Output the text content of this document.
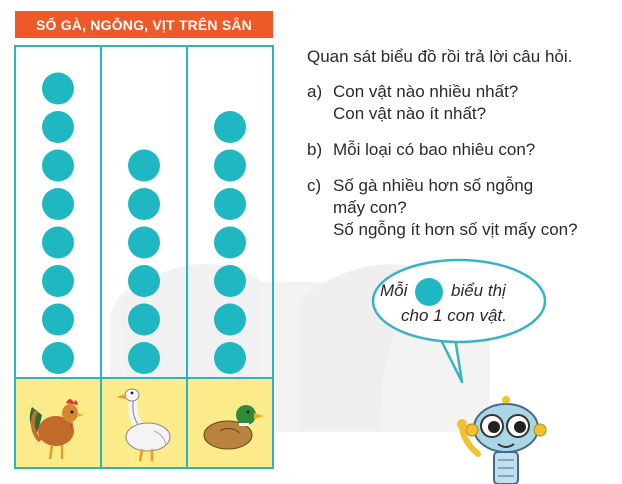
SỐ GÀ, NGỖNG, VỊT TRÊN SÂN
Quan sát biểu đồ rồi trả lời câu hỏi.
a) Con vật nào nhiều nhất?
Con vật nào ít nhất?
b) Mỗi loại có bao nhiêu con?
c) Số gà nhiều hơn số ngỗng
mấy con?
Số ngỗng ít hơn số vịt mấy con?
Mỗi	biểu thị
cho 1 con vật.
